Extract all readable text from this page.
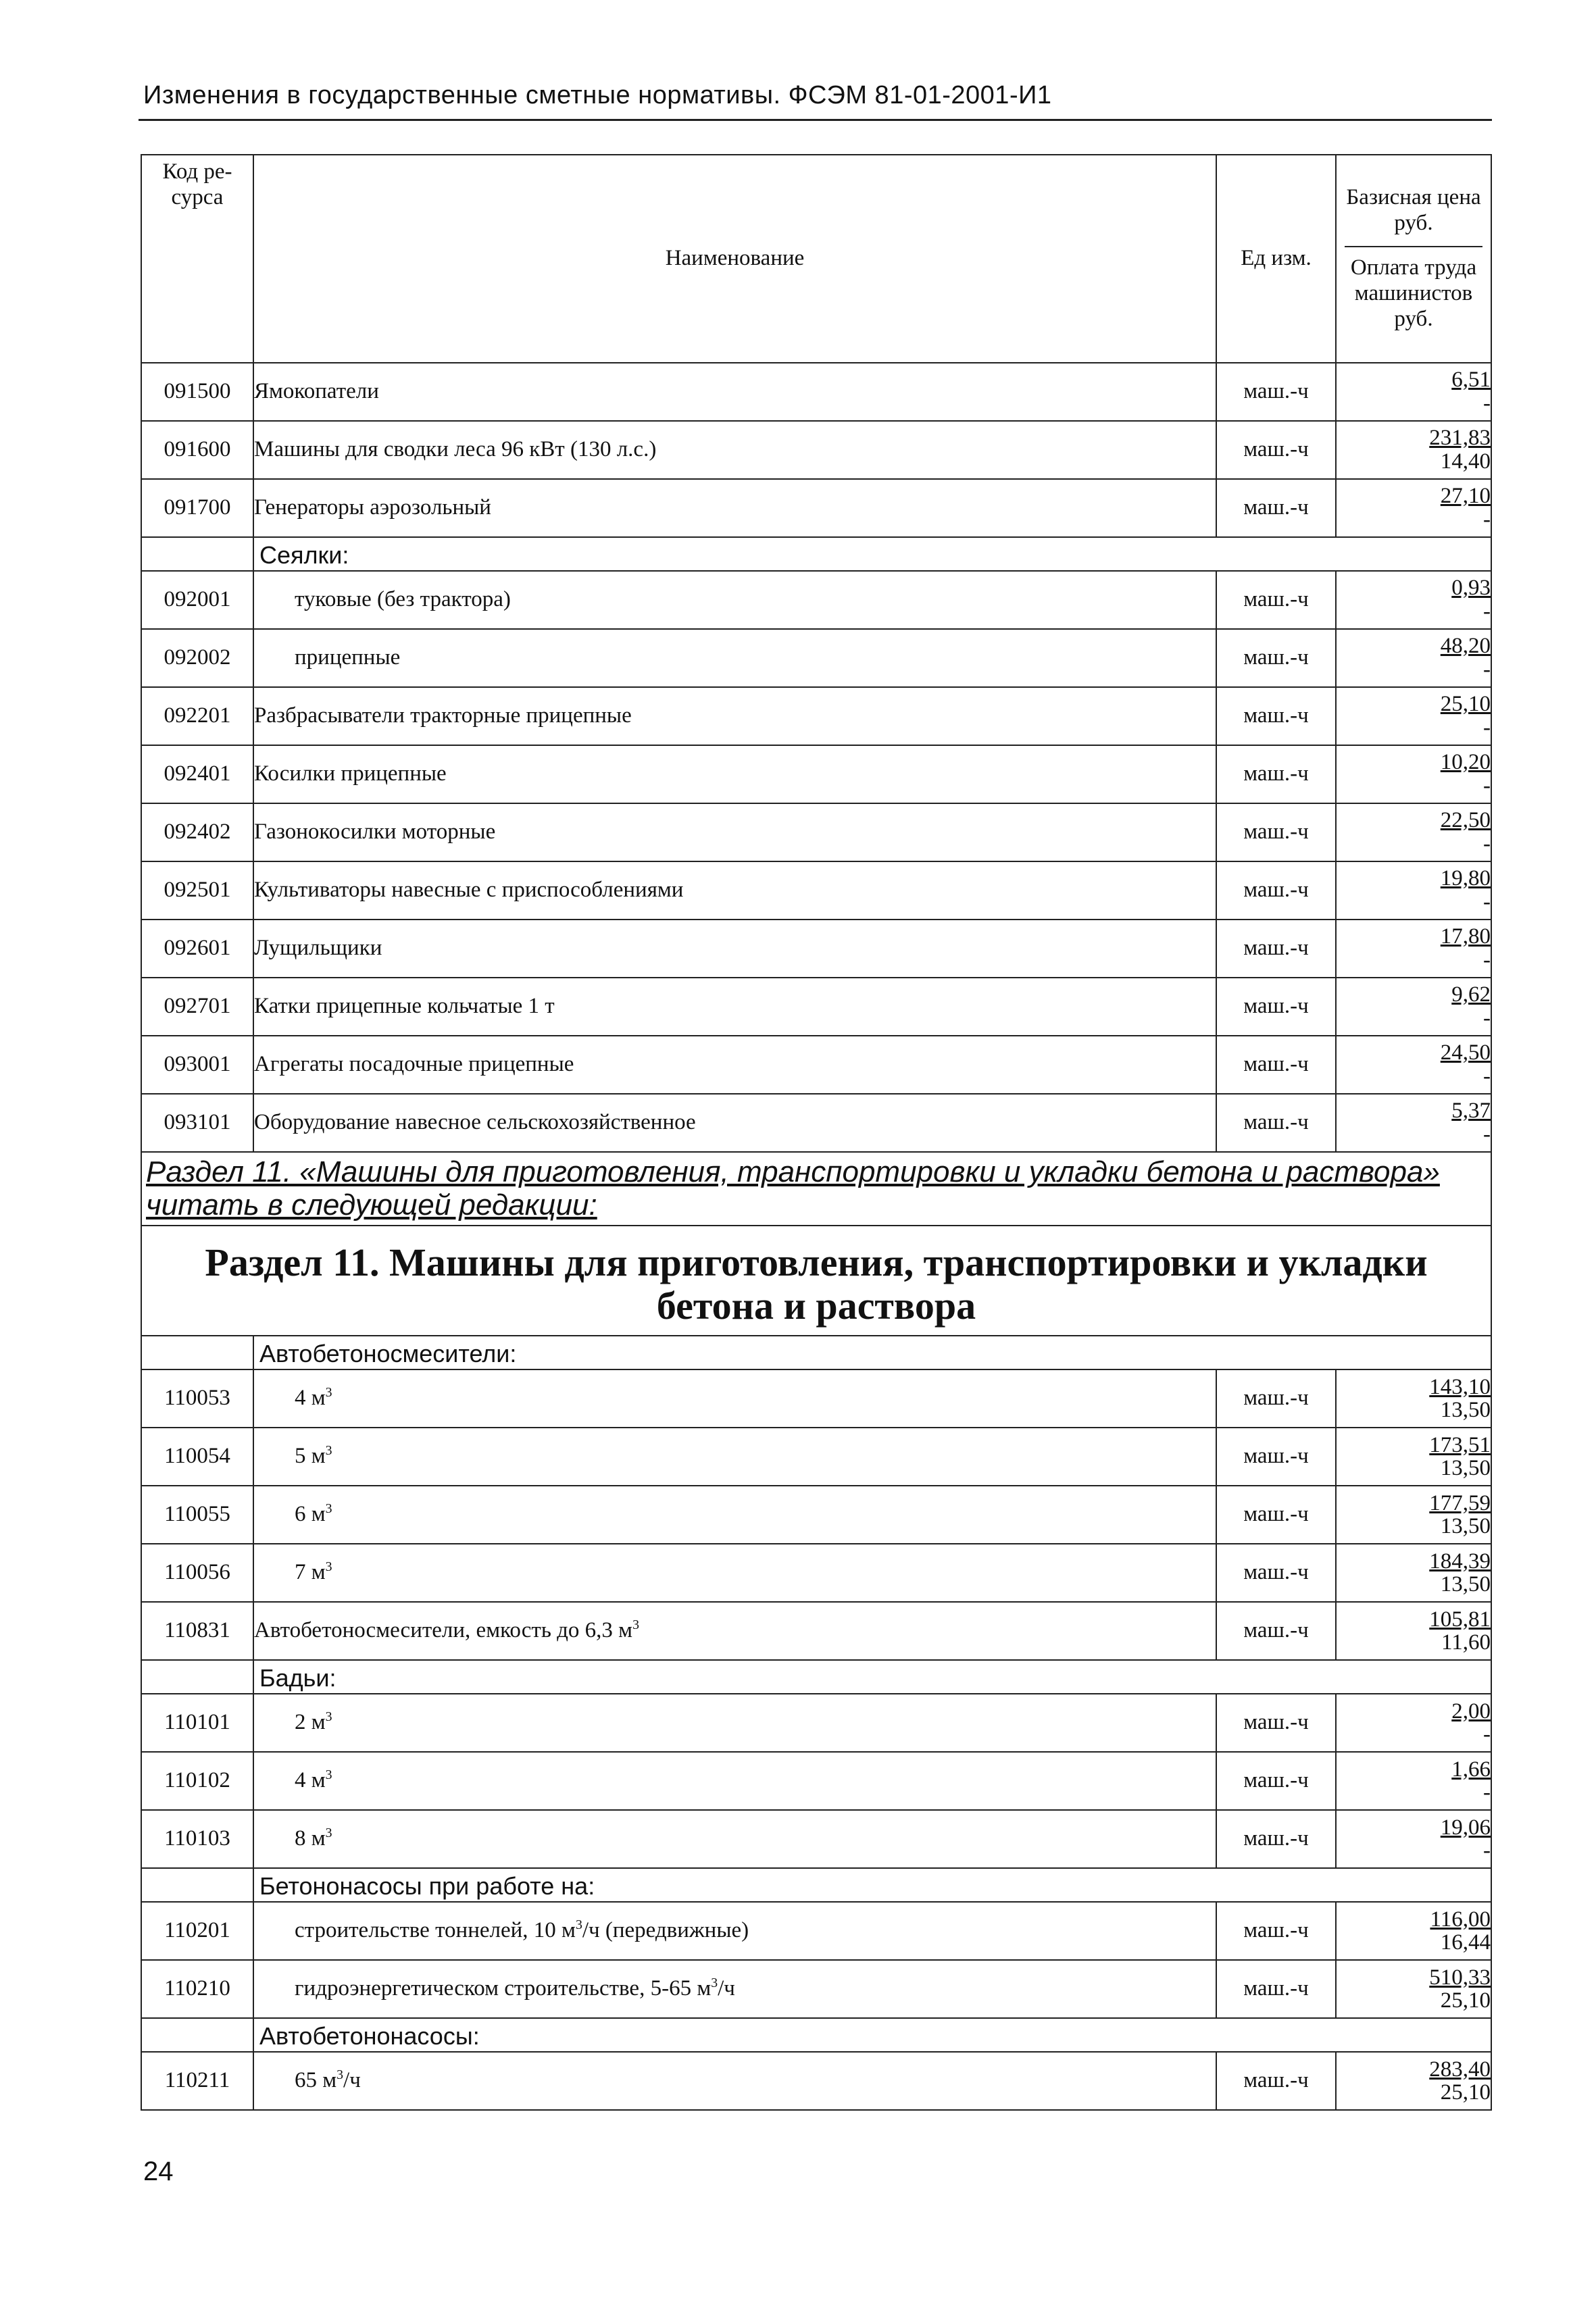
Изменения в государственные сметные нормативы. ФСЭМ 81-01-2001-И1
Код ре-сурса	Наименование	Ед изм.	Базисная цена руб.
Оплата труда машинистов руб.

091500	Ямокопатели	маш.-ч	6,51
-

091600	Машины для сводки леса 96 кВт (130 л.с.)	маш.-ч	231,83
14,40

091700	Генераторы аэрозольный	маш.-ч	27,10
-

	Сеялки:		
092001	туковые (без трактора)	маш.-ч	0,93
-

092002	прицепные	маш.-ч	48,20
-

092201	Разбрасыватели тракторные прицепные	маш.-ч	25,10
-

092401	Косилки прицепные	маш.-ч	10,20
-

092402	Газонокосилки моторные	маш.-ч	22,50
-

092501	Культиваторы навесные с приспособлениями	маш.-ч	19,80
-

092601	Лущильщики	маш.-ч	17,80
-

092701	Катки прицепные кольчатые 1 т	маш.-ч	9,62
-

093001	Агрегаты посадочные прицепные	маш.-ч	24,50
-

093101	Оборудование навесное сельскохозяйственное	маш.-ч	5,37
-

Раздел 11. «Машины для приготовления, транспортировки и укладки бетона и раствора» читать в следующей редакции:			
Раздел 11. Машины для приготовления, транспортировки и укладки бетона и раствора			
	Автобетоносмесители:		
110053	4 $м^3$	маш.-ч	143,10
13,50

110054	5 $м^3$	маш.-ч	173,51
13,50

110055	6 $м^3$	маш.-ч	177,59
13,50

110056	7 $м^3$	маш.-ч	184,39
13,50

110831	Автобетоносмесители, емкость до 6,3 $м^3$	маш.-ч	105,81
11,60

	Бадьи:		
110101	2 $м^3$	маш.-ч	2,00
-

110102	4 $м^3$	маш.-ч	1,66
-

110103	8 $м^3$	маш.-ч	19,06
-

	Бетононасосы при работе на:		
110201	строительстве тоннелей, 10 $м^3/ч$ (передвижные)	маш.-ч	116,00
16,44

110210	гидроэнергетическом строительстве, 5-65 $м^3/ч$	маш.-ч	510,33
25,10

	Автобетононасосы:		
110211	65 $м^3/ч$	маш.-ч	283,40
25,10
24
